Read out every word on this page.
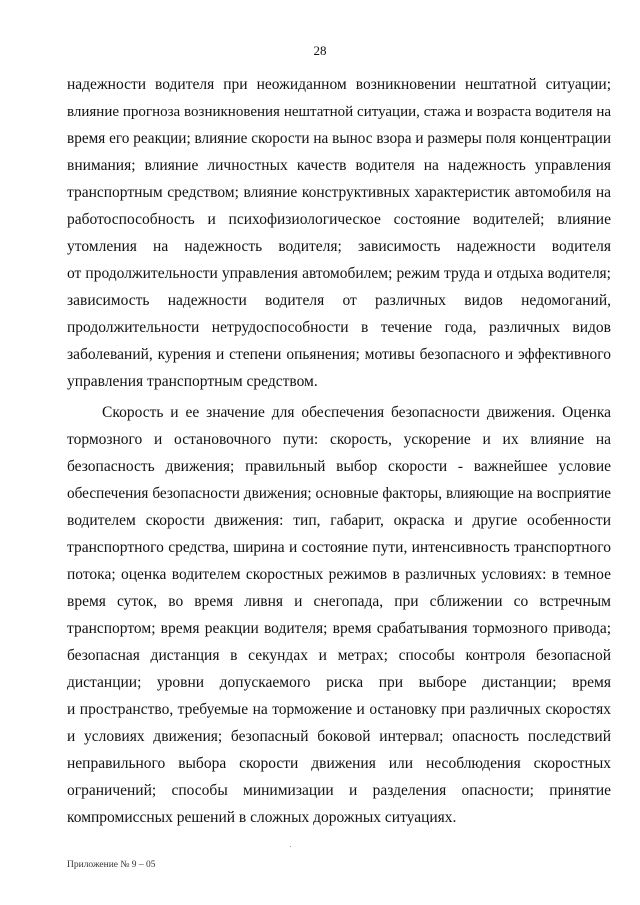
28
надежности водителя при неожиданном возникновении нештатной ситуации;
влияние прогноза возникновения нештатной ситуации, стажа и возраста водителя на
время его реакции; влияние скорости на вынос взора и размеры поля концентрации
внимания; влияние личностных качеств водителя на надежность управления
транспортным средством; влияние конструктивных характеристик автомобиля на
работоспособность и психофизиологическое состояние водителей; влияние
утомления на надежность водителя; зависимость надежности водителя
от продолжительности управления автомобилем; режим труда и отдыха водителя;
зависимость надежности водителя от различных видов недомоганий,
продолжительности нетрудоспособности в течение года, различных видов
заболеваний, курения и степени опьянения; мотивы безопасного и эффективного
управления транспортным средством.
Скорость и ее значение для обеспечения безопасности движения. Оценка
тормозного и остановочного пути: скорость, ускорение и их влияние на
безопасность движения; правильный выбор скорости - важнейшее условие
обеспечения безопасности движения; основные факторы, влияющие на восприятие
водителем скорости движения: тип, габарит, окраска и другие особенности
транспортного средства, ширина и состояние пути, интенсивность транспортного
потока; оценка водителем скоростных режимов в различных условиях: в темное
время суток, во время ливня и снегопада, при сближении со встречным
транспортом; время реакции водителя; время срабатывания тормозного привода;
безопасная дистанция в секундах и метрах; способы контроля безопасной
дистанции; уровни допускаемого риска при выборе дистанции; время
и пространство, требуемые на торможение и остановку при различных скоростях
и условиях движения; безопасный боковой интервал; опасность последствий
неправильного выбора скорости движения или несоблюдения скоростных
ограничений; способы минимизации и разделения опасности; принятие
компромиссных решений в сложных дорожных ситуациях.
Приложение № 9 – 05
